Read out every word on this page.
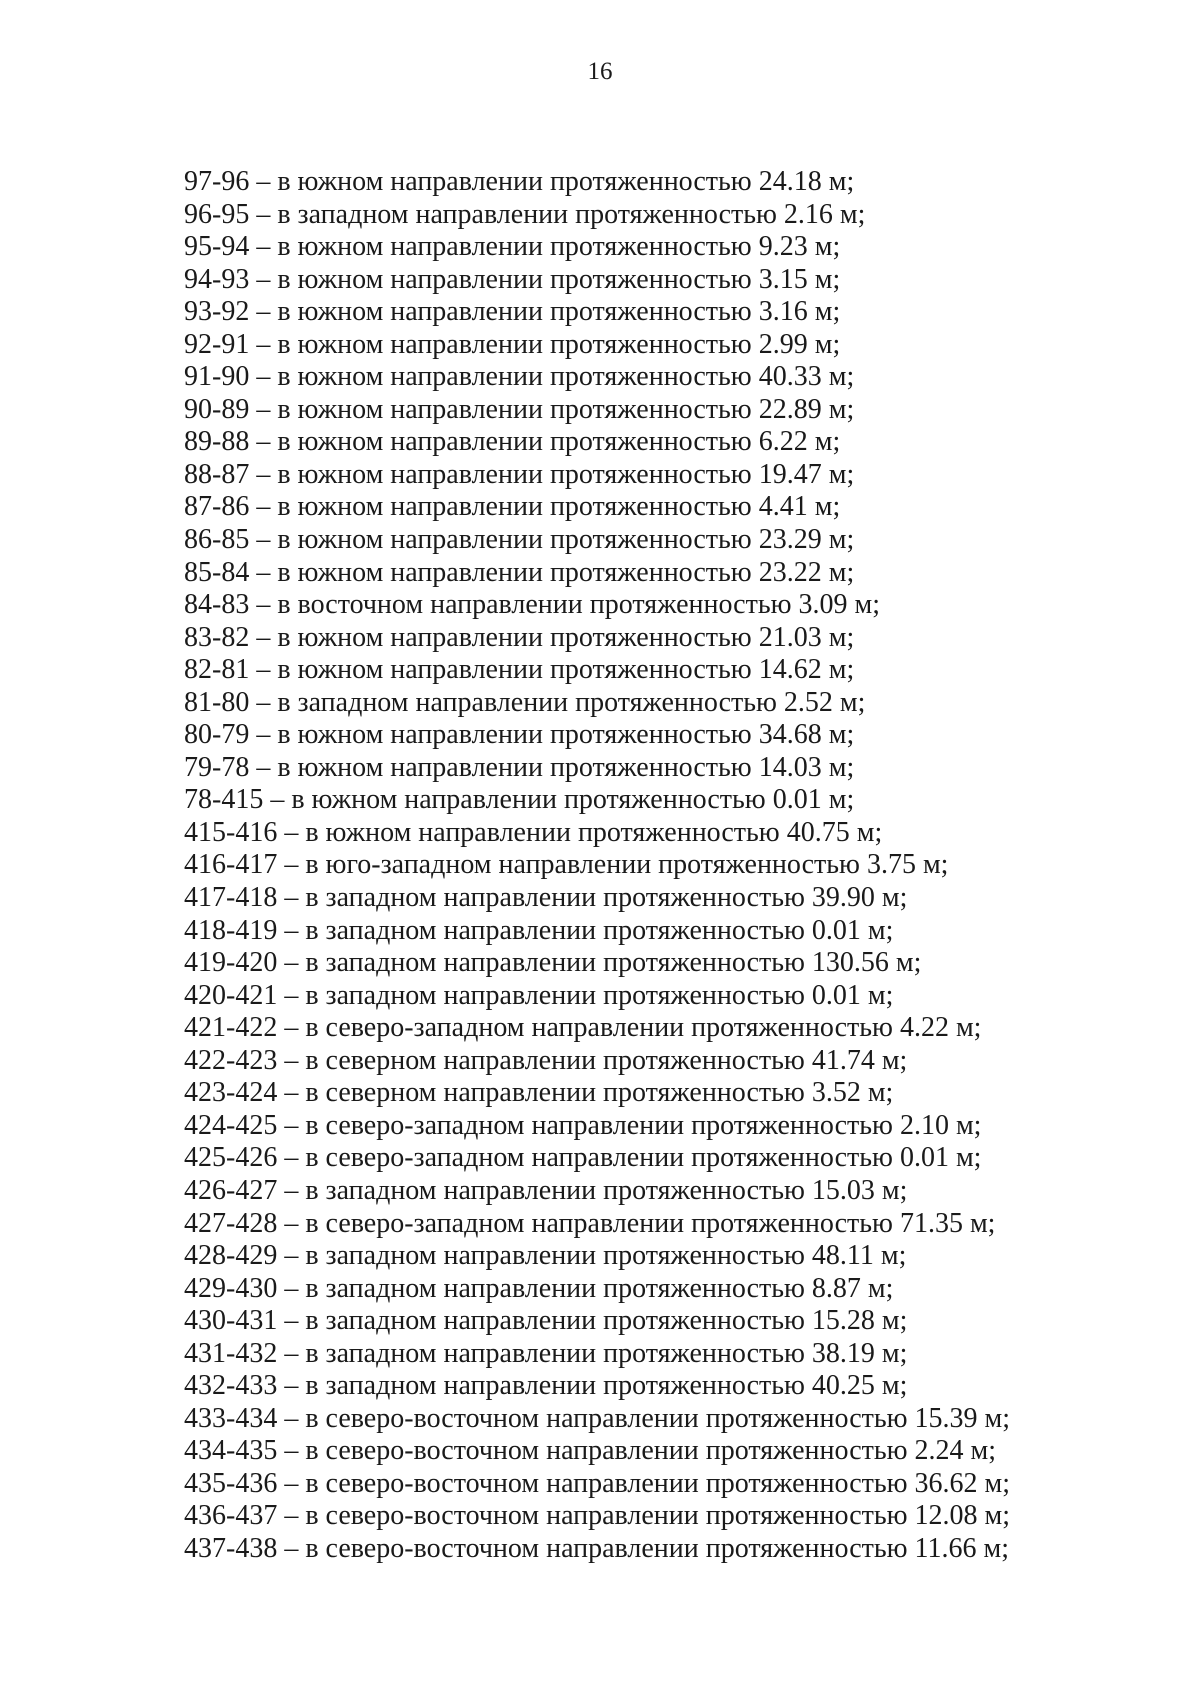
16
97-96 – в южном направлении протяженностью 24.18 м;
96-95 – в западном направлении протяженностью 2.16 м;
95-94 – в южном направлении протяженностью 9.23 м;
94-93 – в южном направлении протяженностью 3.15 м;
93-92 – в южном направлении протяженностью 3.16 м;
92-91 – в южном направлении протяженностью 2.99 м;
91-90 – в южном направлении протяженностью 40.33 м;
90-89 – в южном направлении протяженностью 22.89 м;
89-88 – в южном направлении протяженностью 6.22 м;
88-87 – в южном направлении протяженностью 19.47 м;
87-86 – в южном направлении протяженностью 4.41 м;
86-85 – в южном направлении протяженностью 23.29 м;
85-84 – в южном направлении протяженностью 23.22 м;
84-83 – в восточном направлении протяженностью 3.09 м;
83-82 – в южном направлении протяженностью 21.03 м;
82-81 – в южном направлении протяженностью 14.62 м;
81-80 – в западном направлении протяженностью 2.52 м;
80-79 – в южном направлении протяженностью 34.68 м;
79-78 – в южном направлении протяженностью 14.03 м;
78-415 – в южном направлении протяженностью 0.01 м;
415-416 – в южном направлении протяженностью 40.75 м;
416-417 – в юго-западном направлении протяженностью 3.75 м;
417-418 – в западном направлении протяженностью 39.90 м;
418-419 – в западном направлении протяженностью 0.01 м;
419-420 – в западном направлении протяженностью 130.56 м;
420-421 – в западном направлении протяженностью 0.01 м;
421-422 – в северо-западном направлении протяженностью 4.22 м;
422-423 – в северном направлении протяженностью 41.74 м;
423-424 – в северном направлении протяженностью 3.52 м;
424-425 – в северо-западном направлении протяженностью 2.10 м;
425-426 – в северо-западном направлении протяженностью 0.01 м;
426-427 – в западном направлении протяженностью 15.03 м;
427-428 – в северо-западном направлении протяженностью 71.35 м;
428-429 – в западном направлении протяженностью 48.11 м;
429-430 – в западном направлении протяженностью 8.87 м;
430-431 – в западном направлении протяженностью 15.28 м;
431-432 – в западном направлении протяженностью 38.19 м;
432-433 – в западном направлении протяженностью 40.25 м;
433-434 – в северо-восточном направлении протяженностью 15.39 м;
434-435 – в северо-восточном направлении протяженностью 2.24 м;
435-436 – в северо-восточном направлении протяженностью 36.62 м;
436-437 – в северо-восточном направлении протяженностью 12.08 м;
437-438 – в северо-восточном направлении протяженностью 11.66 м;
